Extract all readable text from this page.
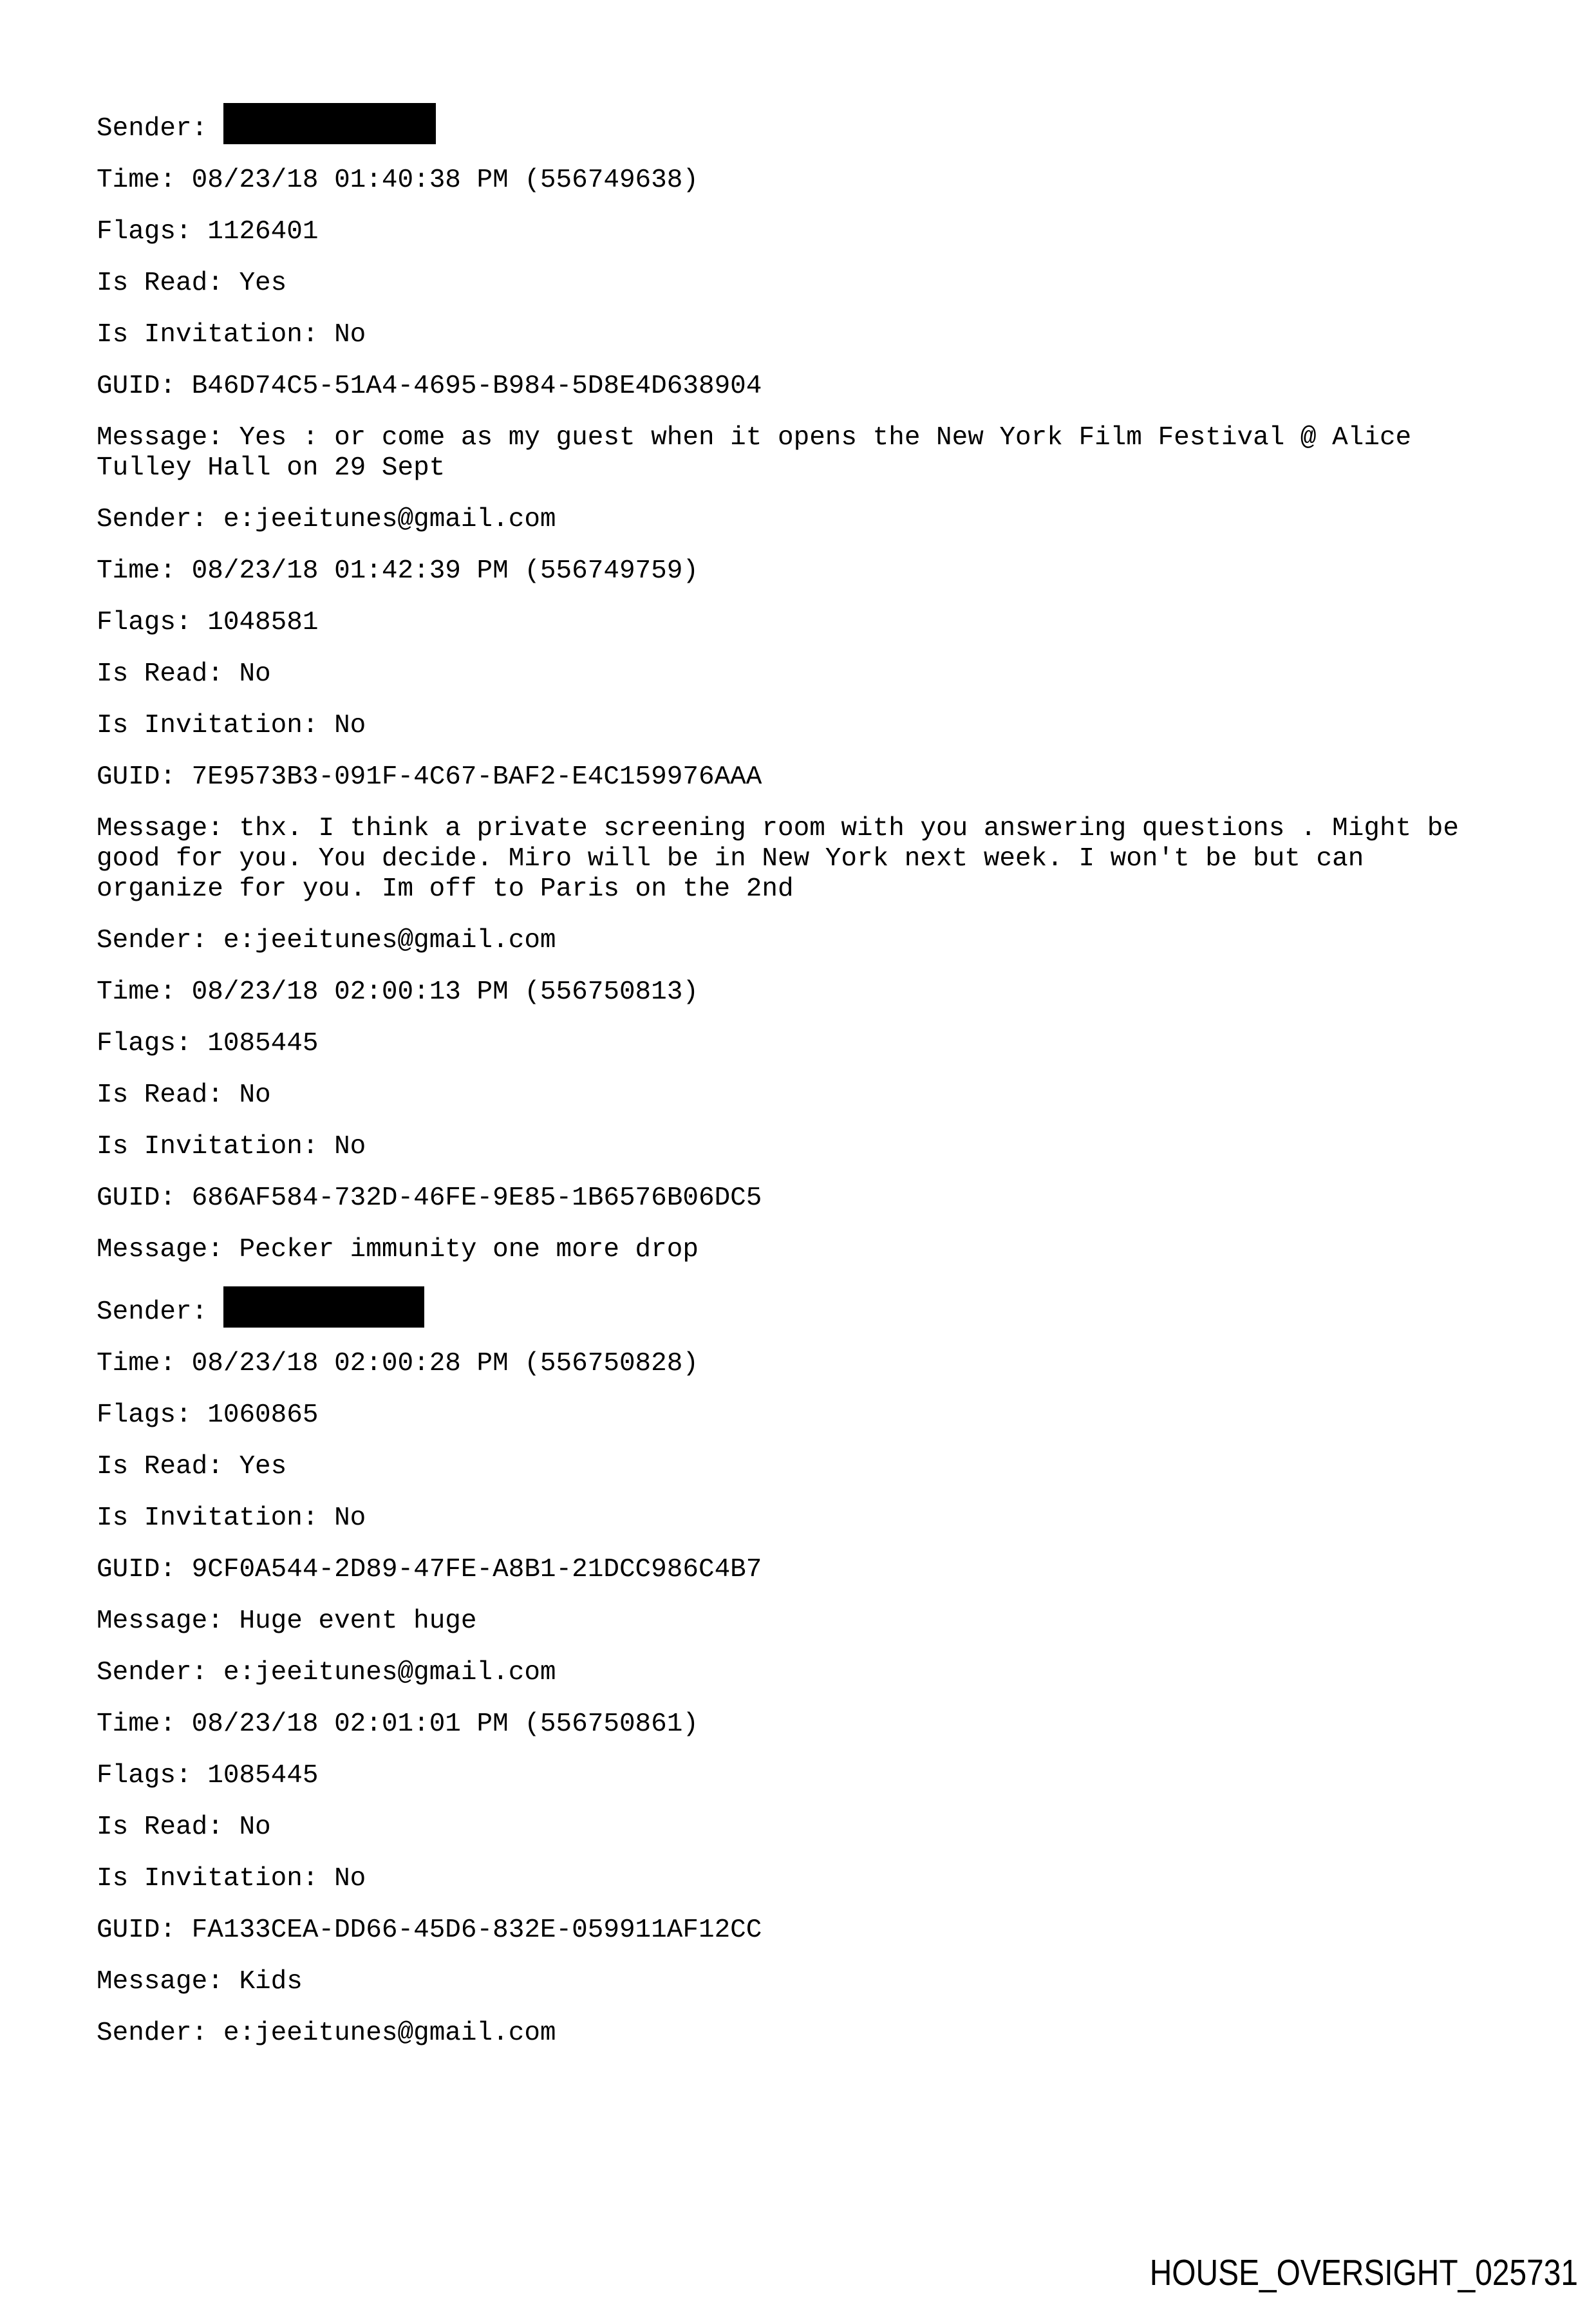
Sender:

Time: 08/23/18 01:40:38 PM (556749638)

Flags: 1126401

Is Read: Yes

Is Invitation: No

GUID: B46D74C5-51A4-4695-B984-5D8E4D638904

Message: Yes : or come as my guest when it opens the New York Film Festival @ Alice Tulley Hall on 29 Sept

Sender: e:jeeitunes@gmail.com

Time: 08/23/18 01:42:39 PM (556749759)

Flags: 1048581

Is Read: No

Is Invitation: No

GUID: 7E9573B3-091F-4C67-BAF2-E4C159976AAA

Message: thx. I think a private screening room with you answering questions . Might be good for you. You decide. Miro will be in New York next week. I won't be but can organize for you. Im off to Paris on the 2nd

Sender: e:jeeitunes@gmail.com

Time: 08/23/18 02:00:13 PM (556750813)

Flags: 1085445

Is Read: No

Is Invitation: No

GUID: 686AF584-732D-46FE-9E85-1B6576B06DC5

Message: Pecker immunity one more drop

Sender:

Time: 08/23/18 02:00:28 PM (556750828)

Flags: 1060865

Is Read: Yes

Is Invitation: No

GUID: 9CF0A544-2D89-47FE-A8B1-21DCC986C4B7

Message: Huge event huge

Sender: e:jeeitunes@gmail.com

Time: 08/23/18 02:01:01 PM (556750861)

Flags: 1085445

Is Read: No

Is Invitation: No

GUID: FA133CEA-DD66-45D6-832E-059911AF12CC

Message: Kids

Sender: e:jeeitunes@gmail.com

HOUSE_OVERSIGHT_025731
